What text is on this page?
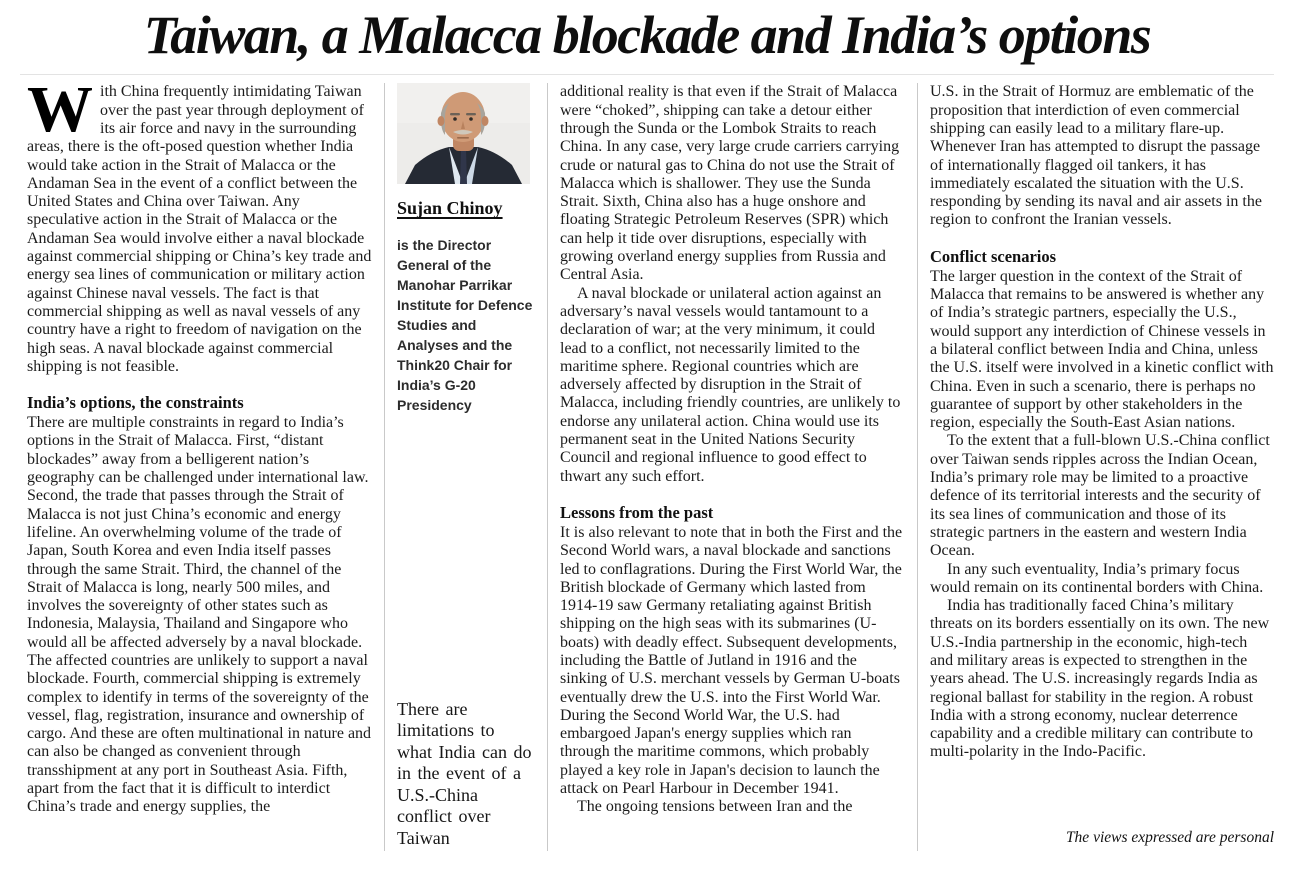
Taiwan, a Malacca blockade and India’s options

With China frequently intimidating Taiwan over the past year through deployment of its air force and navy in the surrounding areas, there is the oft-posed question whether India would take action in the Strait of Malacca or the Andaman Sea in the event of a conflict between the United States and China over Taiwan. Any speculative action in the Strait of Malacca or the Andaman Sea would involve either a naval blockade against commercial shipping or China’s key trade and energy sea lines of communication or military action against Chinese naval vessels. The fact is that commercial shipping as well as naval vessels of any country have a right to freedom of navigation on the high seas. A naval blockade against commercial shipping is not feasible.

India’s options, the constraints

There are multiple constraints in regard to India’s options in the Strait of Malacca. First, “distant blockades” away from a belligerent nation’s geography can be challenged under international law. Second, the trade that passes through the Strait of Malacca is not just China’s economic and energy lifeline. An overwhelming volume of the trade of Japan, South Korea and even India itself passes through the same Strait. Third, the channel of the Strait of Malacca is long, nearly 500 miles, and involves the sovereignty of other states such as Indonesia, Malaysia, Thailand and Singapore who would all be affected adversely by a naval blockade. The affected countries are unlikely to support a naval blockade. Fourth, commercial shipping is extremely complex to identify in terms of the sovereignty of the vessel, flag, registration, insurance and ownership of cargo. And these are often multinational in nature and can also be changed as convenient through transshipment at any port in Southeast Asia. Fifth, apart from the fact that it is difficult to interdict China’s trade and energy supplies, the

Sujan Chinoy
is the Director General of the Manohar Parrikar Institute for Defence Studies and Analyses and the Think20 Chair for India’s G-20 Presidency
There are limitations to what India can do in the event of a U.S.-China conflict over Taiwan

additional reality is that even if the Strait of Malacca were “choked”, shipping can take a detour either through the Sunda or the Lombok Straits to reach China. In any case, very large crude carriers carrying crude or natural gas to China do not use the Strait of Malacca which is shallower. They use the Sunda Strait. Sixth, China also has a huge onshore and floating Strategic Petroleum Reserves (SPR) which can help it tide over disruptions, especially with growing overland energy supplies from Russia and Central Asia.

A naval blockade or unilateral action against an adversary’s naval vessels would tantamount to a declaration of war; at the very minimum, it could lead to a conflict, not necessarily limited to the maritime sphere. Regional countries which are adversely affected by disruption in the Strait of Malacca, including friendly countries, are unlikely to endorse any unilateral action. China would use its permanent seat in the United Nations Security Council and regional influence to good effect to thwart any such effort.

Lessons from the past

It is also relevant to note that in both the First and the Second World wars, a naval blockade and sanctions led to conflagrations. During the First World War, the British blockade of Germany which lasted from 1914-19 saw Germany retaliating against British shipping on the high seas with its submarines (U-boats) with deadly effect. Subsequent developments, including the Battle of Jutland in 1916 and the sinking of U.S. merchant vessels by German U-boats eventually drew the U.S. into the First World War. During the Second World War, the U.S. had embargoed Japan's energy supplies which ran through the maritime commons, which probably played a key role in Japan's decision to launch the attack on Pearl Harbour in December 1941.

The ongoing tensions between Iran and the

U.S. in the Strait of Hormuz are emblematic of the proposition that interdiction of even commercial shipping can easily lead to a military flare-up. Whenever Iran has attempted to disrupt the passage of internationally flagged oil tankers, it has immediately escalated the situation with the U.S. responding by sending its naval and air assets in the region to confront the Iranian vessels.

Conflict scenarios

The larger question in the context of the Strait of Malacca that remains to be answered is whether any of India’s strategic partners, especially the U.S., would support any interdiction of Chinese vessels in a bilateral conflict between India and China, unless the U.S. itself were involved in a kinetic conflict with China. Even in such a scenario, there is perhaps no guarantee of support by other stakeholders in the region, especially the South-East Asian nations.

To the extent that a full-blown U.S.-China conflict over Taiwan sends ripples across the Indian Ocean, India’s primary role may be limited to a proactive defence of its territorial interests and the security of its sea lines of communication and those of its strategic partners in the eastern and western India Ocean.

In any such eventuality, India’s primary focus would remain on its continental borders with China.

India has traditionally faced China’s military threats on its borders essentially on its own. The new U.S.-India partnership in the economic, high-tech and military areas is expected to strengthen in the years ahead. The U.S. increasingly regards India as regional ballast for stability in the region. A robust India with a strong economy, nuclear deterrence capability and a credible military can contribute to multi-polarity in the Indo-Pacific.

The views expressed are personal
